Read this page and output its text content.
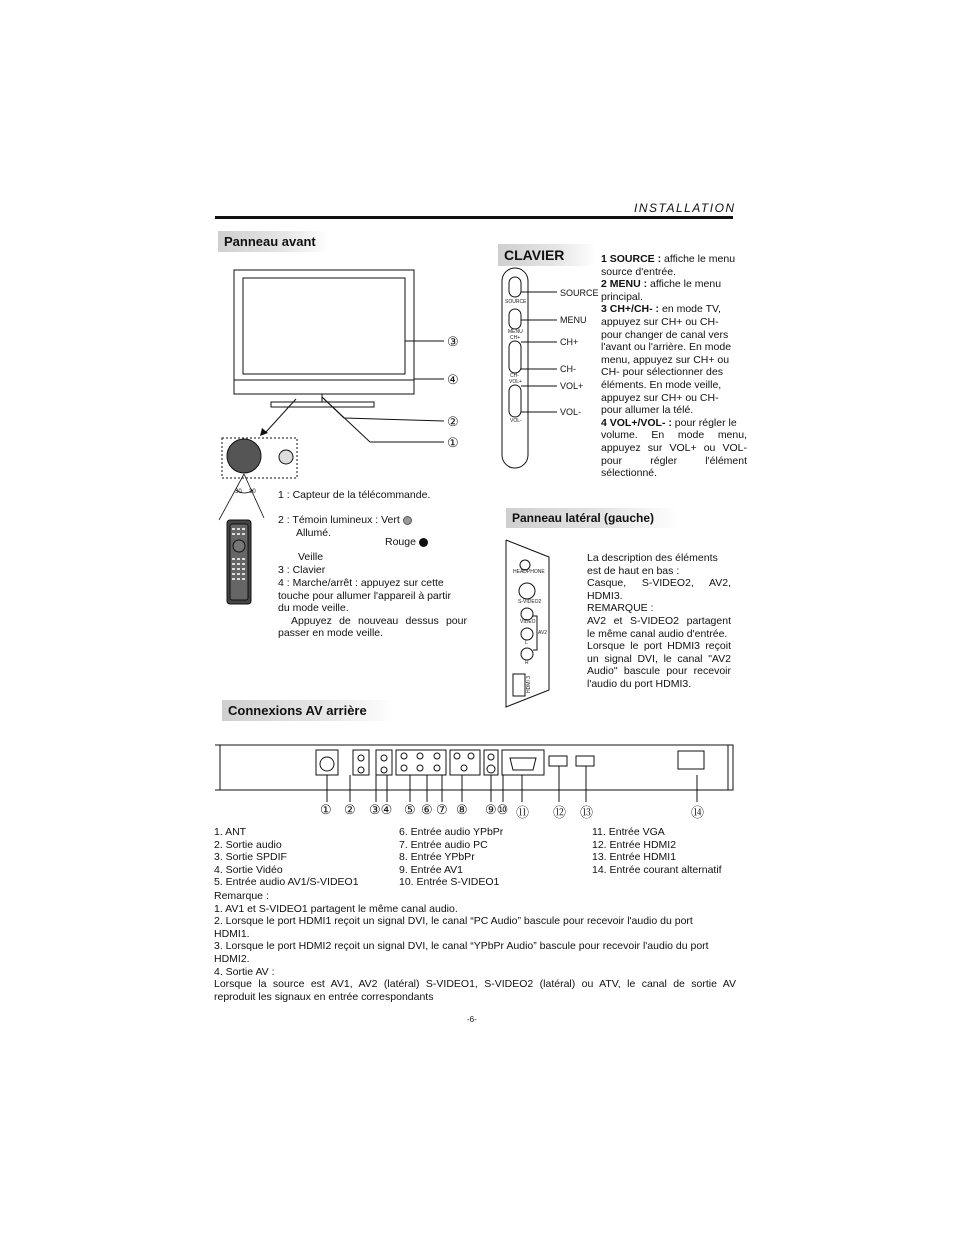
INSTALLATION
Panneau avant
③
④
②
①
30 30 1 : Capteur de la télécommande.
2 : Témoin lumineux : Vert
Allumé.
Rouge
Veille
3 : Clavier
4 : Marche/arrêt : appuyez sur cette
touche pour allumer l'appareil à partir
du mode veille.
Appuyez de nouveau dessus pour
passer en mode veille.
CLAVIER
SOURCE
MENU
CH+
CH-
VOL+
VOL-
SOURCE
MENU
CH+
CH-
VOL+
VOL-
1 SOURCE : affiche le menu
source d'entrée.
2 MENU : affiche le menu
principal.
3 CH+/CH- : en mode TV,
appuyez sur CH+ ou CH-
pour changer de canal vers
l'avant ou l'arrière. En mode
menu, appuyez sur CH+ ou
CH- pour sélectionner des
éléments. En mode veille,
appuyez sur CH+ ou CH-
pour allumer la télé.
4 VOL+/VOL- : pour régler le
volume. En mode menu,
appuyez sur VOL+ ou VOL-
pour régler l'élément
sélectionné.
Panneau latéral (gauche)
HEADPHONE
S-VIDEO2
VIDEO
AV2
L
R
HDMI 3
La description des éléments
est de haut en bas :
Casque, S-VIDEO2, AV2,
HDMI3.
REMARQUE :
AV2 et S-VIDEO2 partagent
le même canal audio d'entrée.
Lorsque le port HDMI3 reçoit
un signal DVI, le canal "AV2
Audio" bascule pour recevoir
l'audio du port HDMI3.
Connexions AV arrière
① ② ③④ ⑤ ⑥ ⑦ ⑧ ⑨⑩ ⑪ ⑫ ⑬	⑭
1. ANT
2. Sortie audio
3. Sortie SPDIF
4. Sortie Vidéo
5. Entrée audio AV1/S-VIDEO1
6. Entrée audio YPbPr
7. Entrée audio PC
8. Entrée YPbPr
9. Entrée AV1
10. Entrée S-VIDEO1
11. Entrée VGA
12. Entrée HDMI2
13. Entrée HDMI1
14. Entrée courant alternatif
Remarque :
1. AV1 et S-VIDEO1 partagent le même canal audio.
2. Lorsque le port HDMI1 reçoit un signal DVI, le canal “PC Audio” bascule pour recevoir l'audio du port
HDMI1.
3. Lorsque le port HDMI2 reçoit un signal DVI, le canal “YPbPr Audio” bascule pour recevoir l'audio du port
HDMI2.
4. Sortie AV :
Lorsque la source est AV1, AV2 (latéral) S-VIDEO1, S-VIDEO2 (latéral) ou ATV, le canal de sortie AV
reproduit les signaux en entrée correspondants
-6-
